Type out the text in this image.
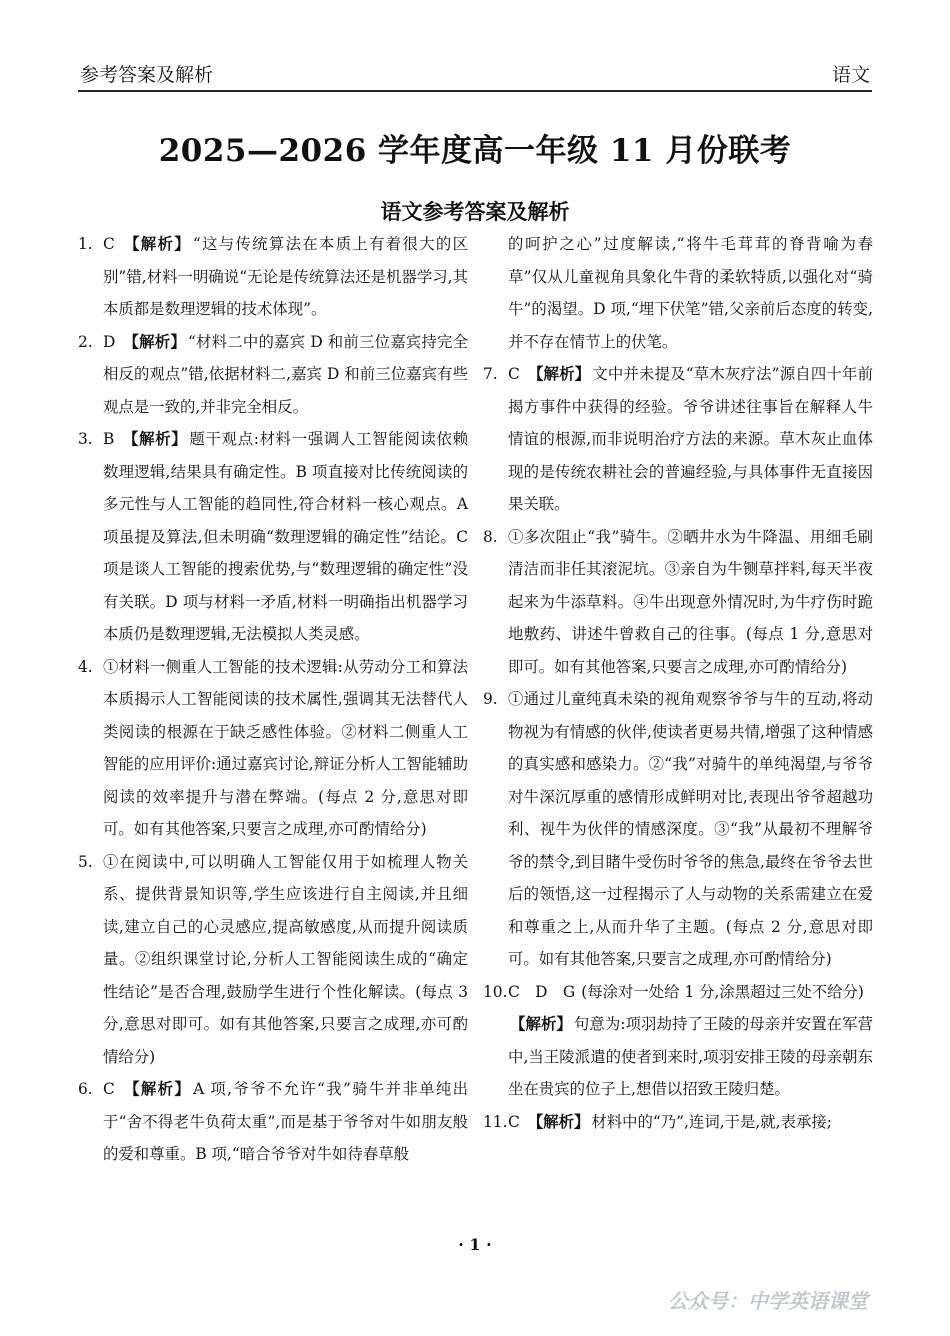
参考答案及解析	语文
2025—2026 学年度高一年级 11 月份联考
语文参考答案及解析
1. C 【解析】 “这与传统算法在本质上有着很大的区别”错,材料一明确说“无论是传统算法还是机器学习,其本质都是数理逻辑的技术体现”。
2. D 【解析】 “材料二中的嘉宾 D 和前三位嘉宾持完全相反的观点”错,依据材料二,嘉宾 D 和前三位嘉宾有些观点是一致的,并非完全相反。
3. B 【解析】 题干观点:材料一强调人工智能阅读依赖数理逻辑,结果具有确定性。B 项直接对比传统阅读的多元性与人工智能的趋同性,符合材料一核心观点。A 项虽提及算法,但未明确“数理逻辑的确定性”结论。C 项是谈人工智能的搜索优势,与“数理逻辑的确定性”没有关联。D 项与材料一矛盾,材料一明确指出机器学习本质仍是数理逻辑,无法模拟人类灵感。
4. ①材料一侧重人工智能的技术逻辑:从劳动分工和算法本质揭示人工智能阅读的技术属性,强调其无法替代人类阅读的根源在于缺乏感性体验。②材料二侧重人工智能的应用评价:通过嘉宾讨论,辩证分析人工智能辅助阅读的效率提升与潜在弊端。(每点 2 分,意思对即可。如有其他答案,只要言之成理,亦可酌情给分)
5. ①在阅读中,可以明确人工智能仅用于如梳理人物关系、提供背景知识等,学生应该进行自主阅读,并且细读,建立自己的心灵感应,提高敏感度,从而提升阅读质量。②组织课堂讨论,分析人工智能阅读生成的“确定性结论”是否合理,鼓励学生进行个性化解读。(每点 3 分,意思对即可。如有其他答案,只要言之成理,亦可酌情给分)
6. C 【解析】 A 项,爷爷不允许“我”骑牛并非单纯出于“舍不得老牛负荷太重”,而是基于爷爷对牛如朋友般的爱和尊重。B 项,“暗合爷爷对牛如待春草般
的呵护之心”过度解读,“将牛毛茸茸的脊背喻为春草”仅从儿童视角具象化牛背的柔软特质,以强化对“骑牛”的渴望。D 项,“埋下伏笔”错,父亲前后态度的转变,并不存在情节上的伏笔。
7. C 【解析】 文中并未提及“草木灰疗法”源自四十年前揭方事件中获得的经验。爷爷讲述往事旨在解释人牛情谊的根源,而非说明治疗方法的来源。草木灰止血体现的是传统农耕社会的普遍经验,与具体事件无直接因果关联。
8. ①多次阻止“我”骑牛。②晒井水为牛降温、用细毛刷清洁而非任其滚泥坑。③亲自为牛铡草拌料,每天半夜起来为牛添草料。④牛出现意外情况时,为牛疗伤时跪地敷药、讲述牛曾救自己的往事。(每点 1 分,意思对即可。如有其他答案,只要言之成理,亦可酌情给分)
9. ①通过儿童纯真未染的视角观察爷爷与牛的互动,将动物视为有情感的伙伴,使读者更易共情,增强了这种情感的真实感和感染力。②“我”对骑牛的单纯渴望,与爷爷对牛深沉厚重的感情形成鲜明对比,表现出爷爷超越功利、视牛为伙伴的情感深度。③“我”从最初不理解爷爷的禁令,到目睹牛受伤时爷爷的焦急,最终在爷爷去世后的领悟,这一过程揭示了人与动物的关系需建立在爱和尊重之上,从而升华了主题。(每点 2 分,意思对即可。如有其他答案,只要言之成理,亦可酌情给分)
10. C　D　G (每涂对一处给 1 分,涂黑超过三处不给分)
【解析】 句意为:项羽劫持了王陵的母亲并安置在军营中,当王陵派遣的使者到来时,项羽安排王陵的母亲朝东坐在贵宾的位子上,想借以招致王陵归楚。
11. C 【解析】 材料中的“乃”,连词,于是,就,表承接;
· 1 ·
公众号：中学英语课堂
